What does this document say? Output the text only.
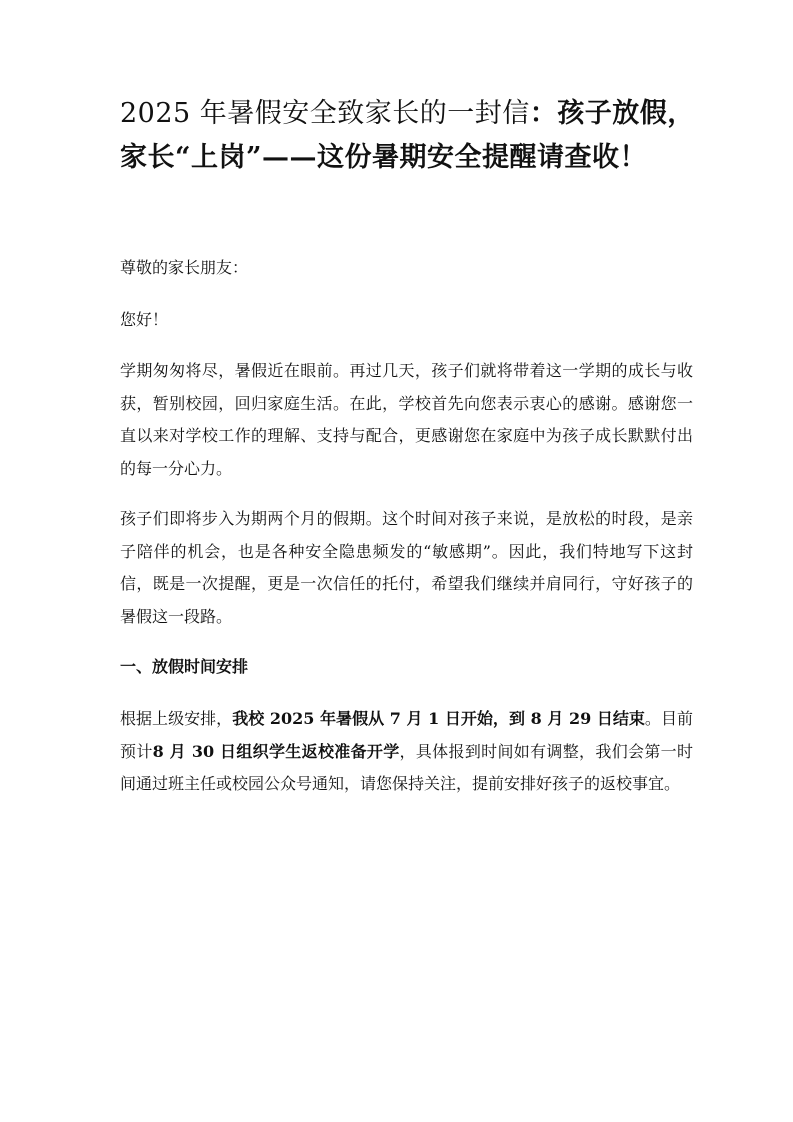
2025 年暑假安全致家长的一封信：孩子放假，
家长“上岗”——这份暑期安全提醒请查收！

尊敬的家长朋友：

您好！

学期匆匆将尽，暑假近在眼前。再过几天，孩子们就将带着这一学期的成长与收获，暂别校园，回归家庭生活。在此，学校首先向您表示衷心的感谢。感谢您一直以来对学校工作的理解、支持与配合，更感谢您在家庭中为孩子成长默默付出的每一分心力。

孩子们即将步入为期两个月的假期。这个时间对孩子来说，是放松的时段，是亲子陪伴的机会，也是各种安全隐患频发的“敏感期”。因此，我们特地写下这封信，既是一次提醒，更是一次信任的托付，希望我们继续并肩同行，守好孩子的暑假这一段路。

一、放假时间安排

根据上级安排，我校 2025 年暑假从 7 月 1 日开始，到 8 月 29 日结束。目前预计8 月 30 日组织学生返校准备开学，具体报到时间如有调整，我们会第一时间通过班主任或校园公众号通知，请您保持关注，提前安排好孩子的返校事宜。
